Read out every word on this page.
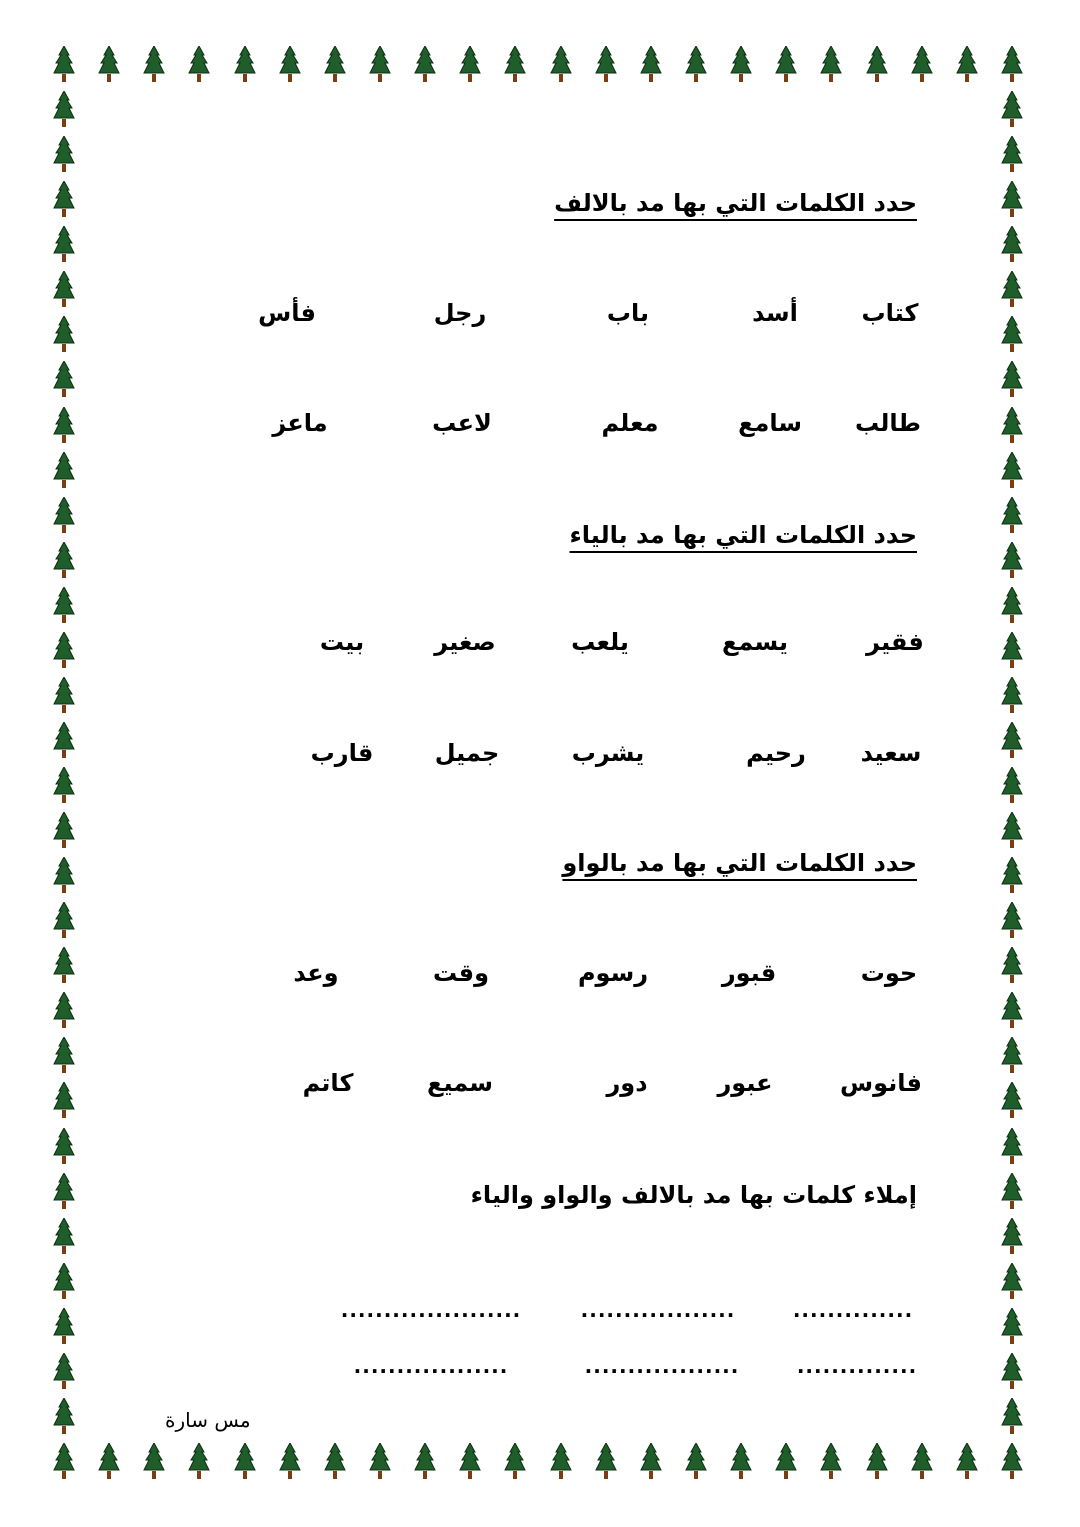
حدد الكلمات التي بها مد بالالف
كتاب
أسد
باب
رجل
فأس
طالب
سامع
معلم
لاعب
ماعز
حدد الكلمات التي بها مد بالياء
فقير
يسمع
يلعب
صغير
بيت
سعيد
رحيم
يشرب
جميل
قارب
حدد الكلمات التي بها مد بالواو
حوت
قبور
رسوم
وقت
وعد
فانوس
عبور
دور
سميع
كاتم
إملاء كلمات بها مد بالالف والواو والياء
..............
..................
.....................
..............
..................
..................
مس سارة
